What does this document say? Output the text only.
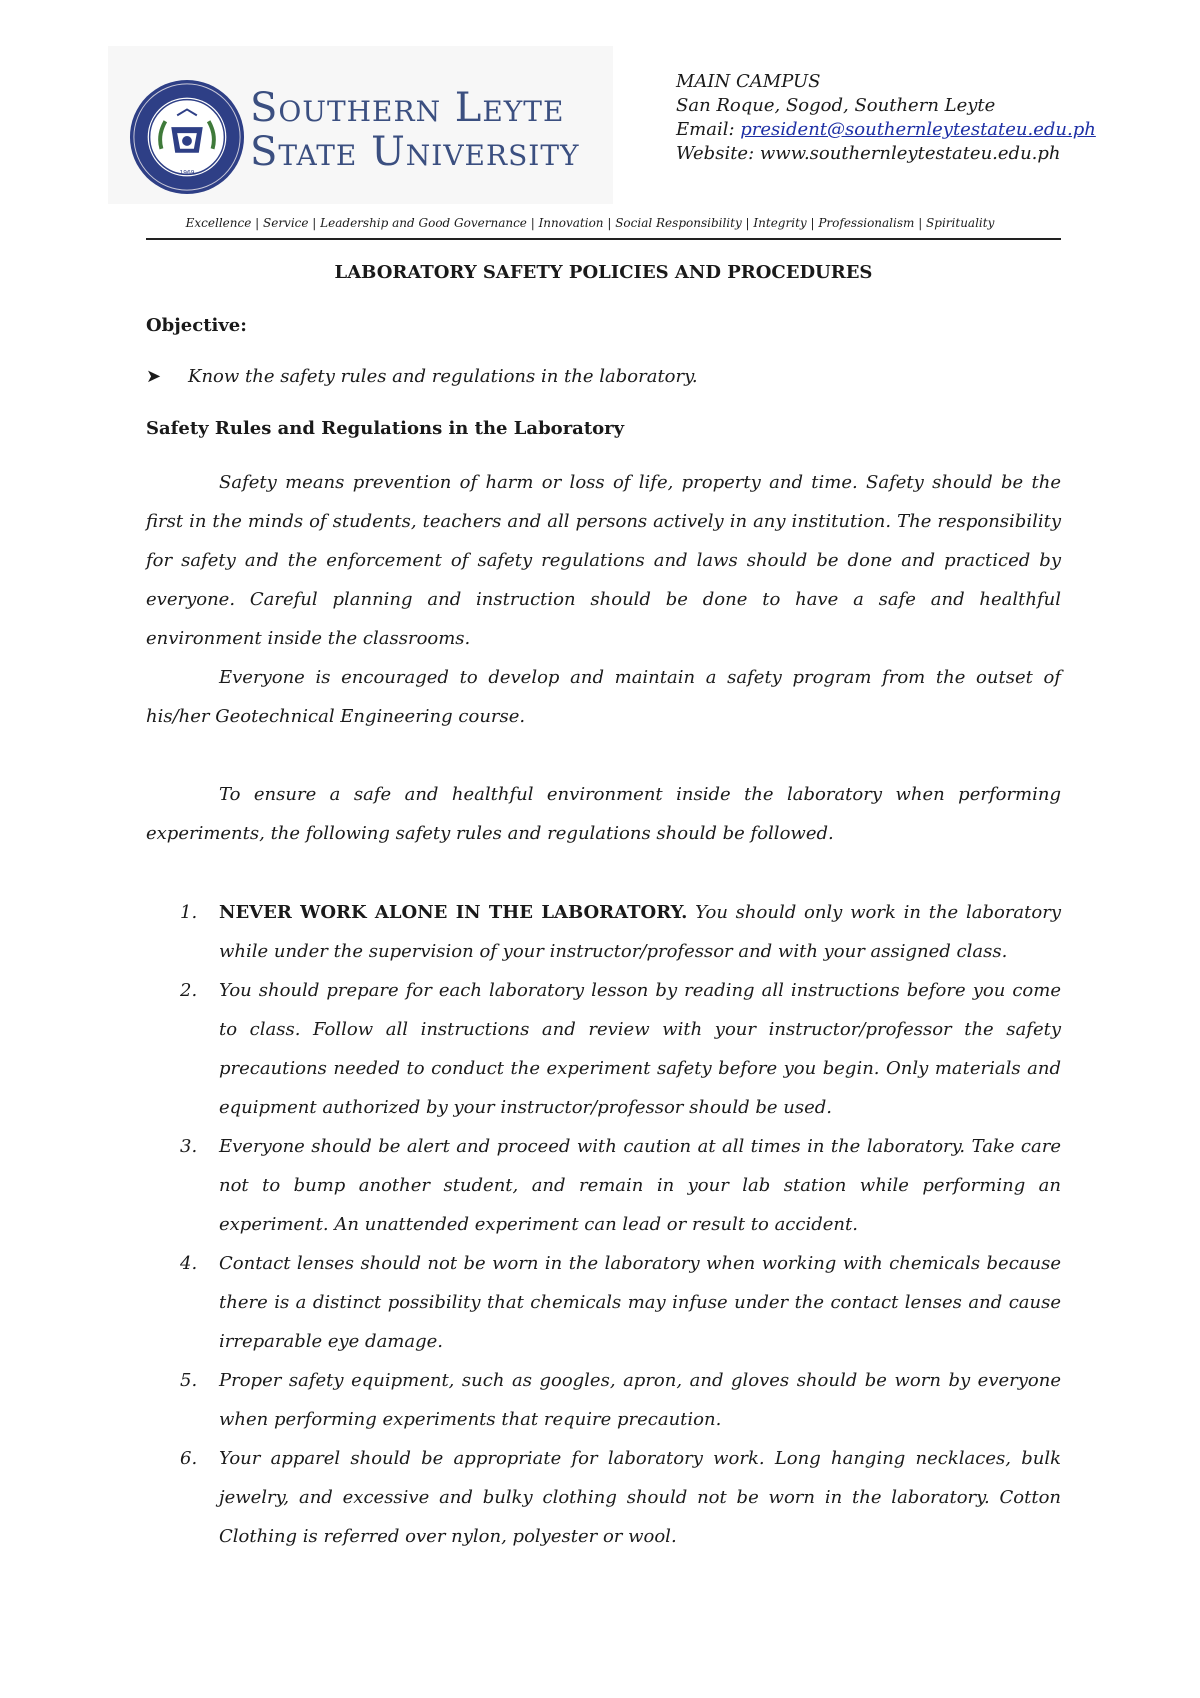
1969
Southern Leyte
State University
MAIN CAMPUS
San Roque, Sogod, Southern Leyte
Email: president@southernleytestateu.edu.ph
Website: www.southernleytestateu.edu.ph
Excellence | Service | Leadership and Good Governance | Innovation | Social Responsibility | Integrity | Professionalism | Spirituality
LABORATORY SAFETY POLICIES AND PROCEDURES
Objective:
➤ Know the safety rules and regulations in the laboratory.
Safety Rules and Regulations in the Laboratory

Safety means prevention of harm or loss of life, property and time. Safety should be the first in the minds of students, teachers and all persons actively in any institution. The responsibility for safety and the enforcement of safety regulations and laws should be done and practiced by everyone. Careful planning and instruction should be done to have a safe and healthful environment inside the classrooms.

Everyone is encouraged to develop and maintain a safety program from the outset of his/her Geotechnical Engineering course.

To ensure a safe and healthful environment inside the laboratory when performing experiments, the following safety rules and regulations should be followed.

1. NEVER WORK ALONE IN THE LABORATORY. You should only work in the laboratory while under the supervision of your instructor/professor and with your assigned class.
2. You should prepare for each laboratory lesson by reading all instructions before you come to class. Follow all instructions and review with your instructor/professor the safety precautions needed to conduct the experiment safety before you begin. Only materials and equipment authorized by your instructor/professor should be used.
3. Everyone should be alert and proceed with caution at all times in the laboratory. Take care not to bump another student, and remain in your lab station while performing an experiment. An unattended experiment can lead or result to accident.
4. Contact lenses should not be worn in the laboratory when working with chemicals because there is a distinct possibility that chemicals may infuse under the contact lenses and cause irreparable eye damage.
5. Proper safety equipment, such as googles, apron, and gloves should be worn by everyone when performing experiments that require precaution.
6. Your apparel should be appropriate for laboratory work. Long hanging necklaces, bulk jewelry, and excessive and bulky clothing should not be worn in the laboratory. Cotton Clothing is referred over nylon, polyester or wool.
